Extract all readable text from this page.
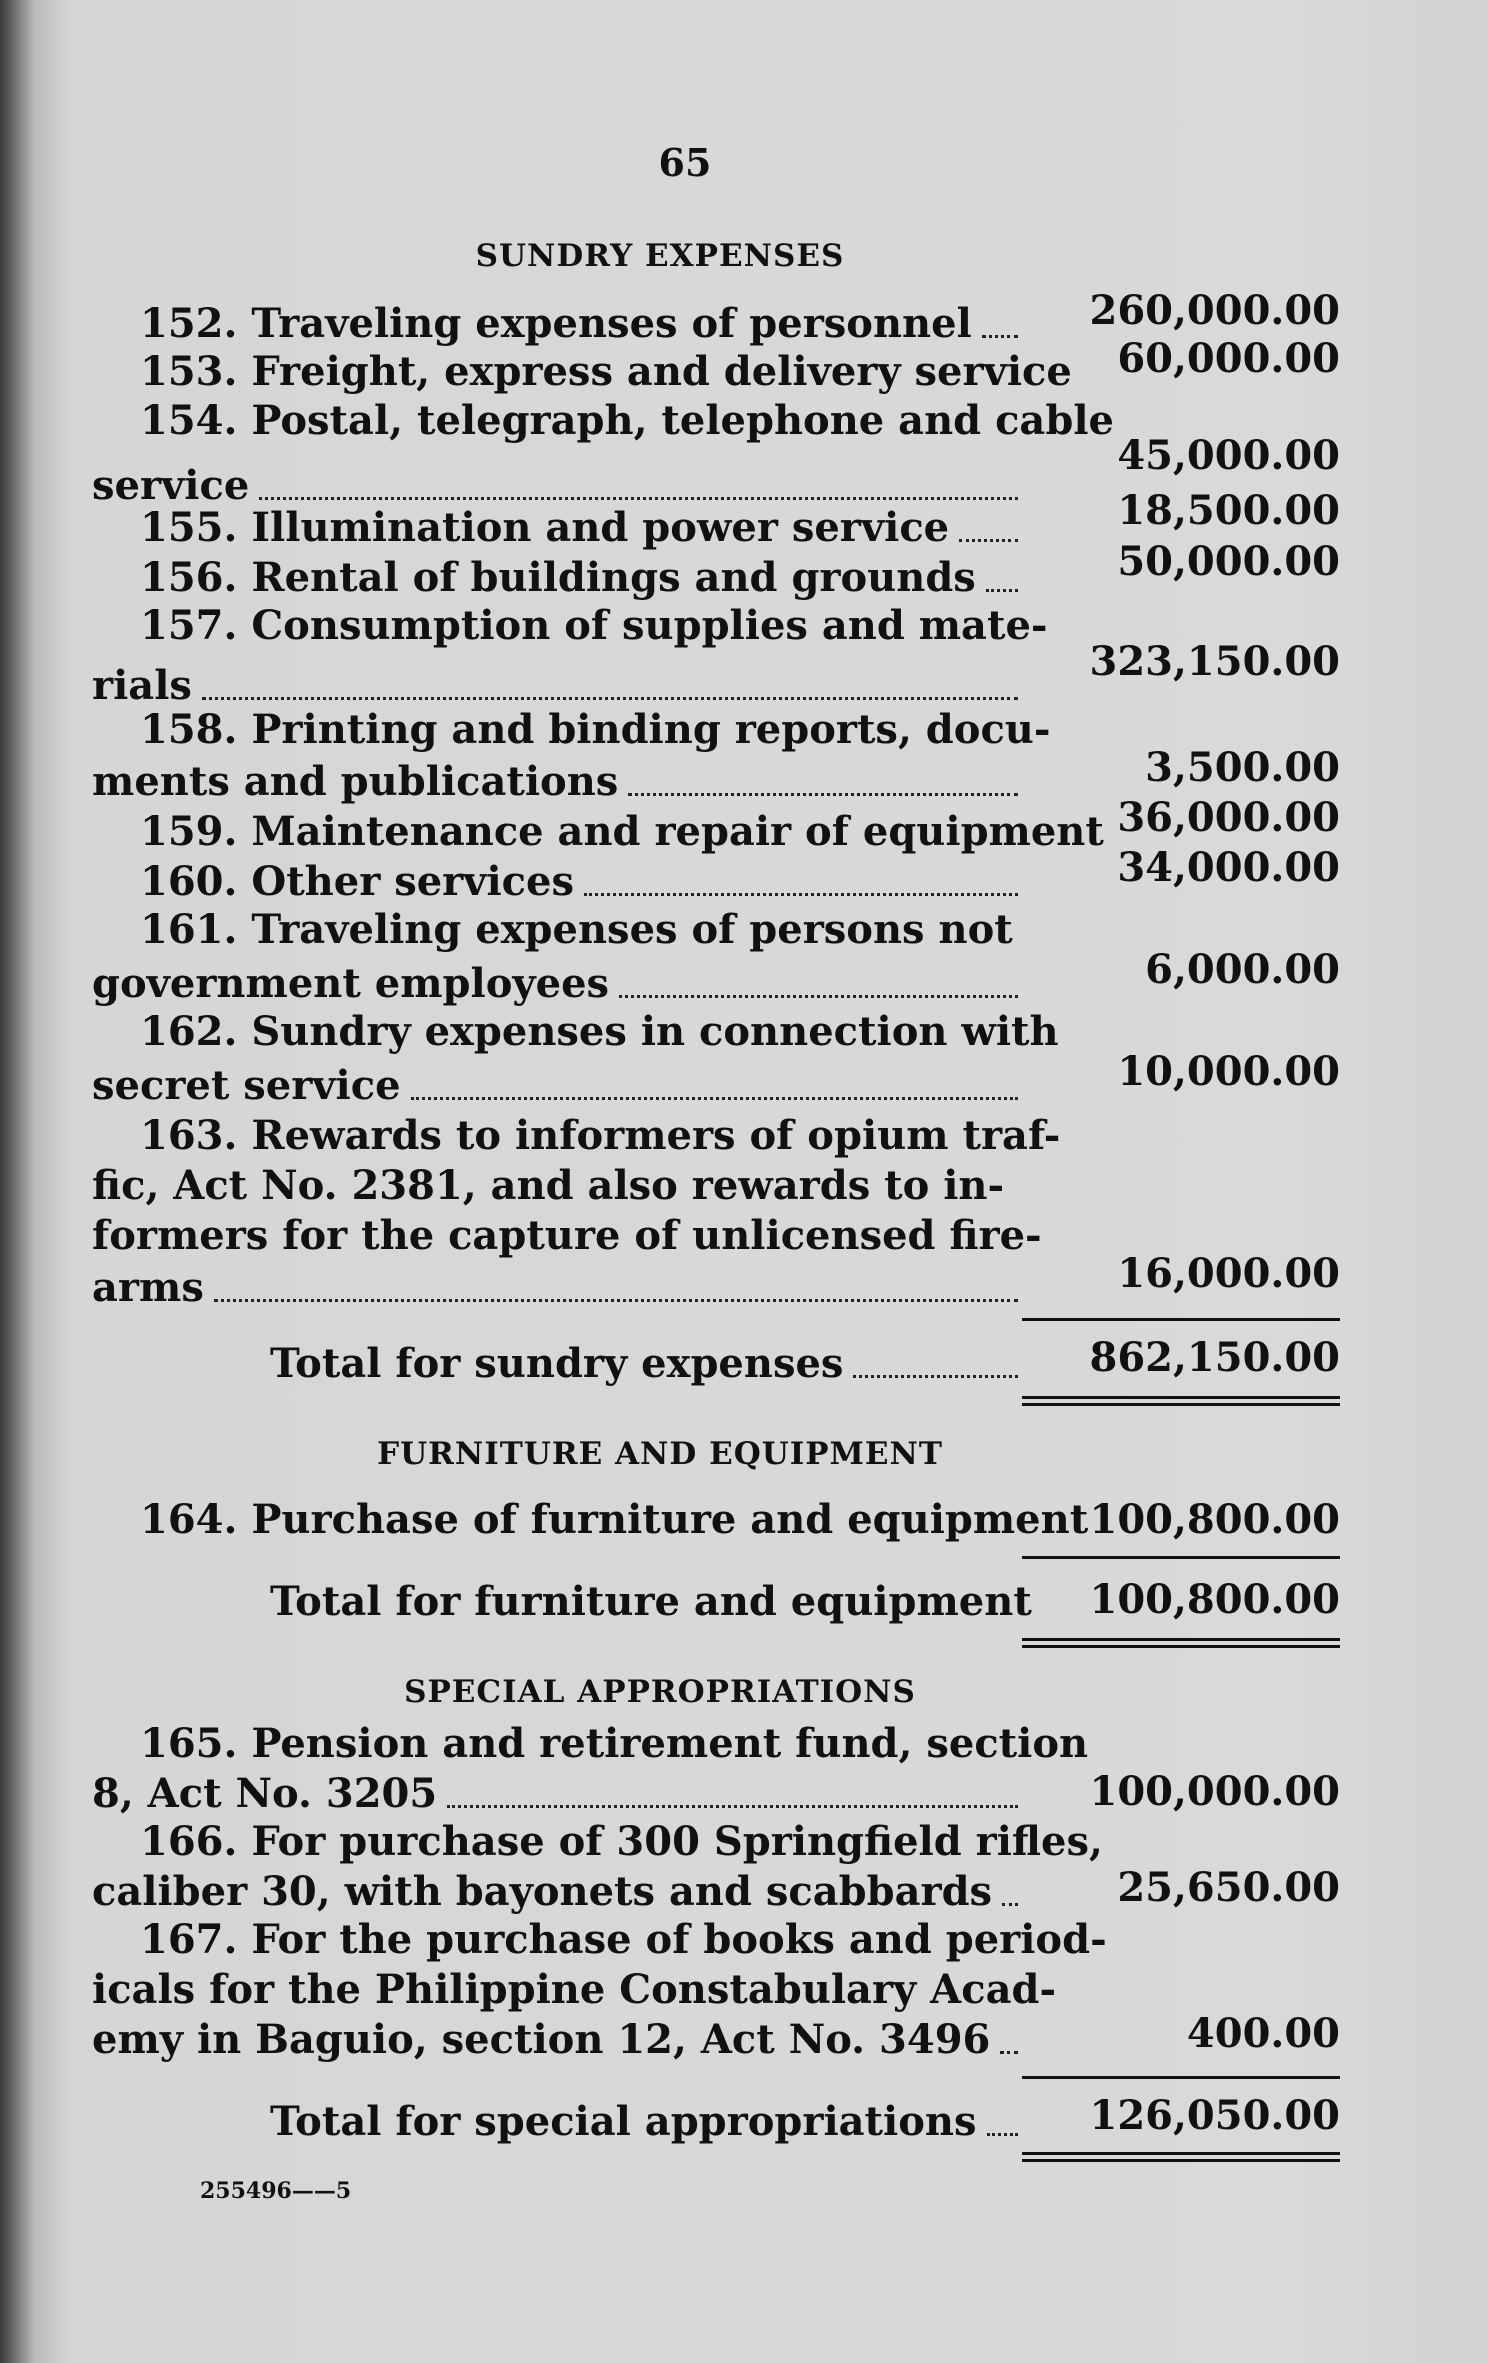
65
SUNDRY EXPENSES
152. Traveling expenses of personnel	260,000.00
153. Freight, express and delivery service	60,000.00
154. Postal, telegraph, telephone and cable
service
45,000.00
155. Illumination and power service	18,500.00
156. Rental of buildings and grounds	50,000.00
157. Consumption of supplies and mate-
rials
323,150.00
158. Printing and binding reports, docu-
ments and publications	3,500.00
159. Maintenance and repair of equipment 36,000.00
160. Other services	34,000.00
161. Traveling expenses of persons not
government employees	6,000.00
162. Sundry expenses in connection with
secret service	10,000.00
163. Rewards to informers of opium traf-
fic, Act No. 2381, and also rewards to in-
formers for the capture of unlicensed fire-
arms	16,000.00
Total for sundry expenses	862,150.00
FURNITURE AND EQUIPMENT
164. Purchase of furniture and equipment 100,800.00
Total for furniture and equipment	100,800.00
SPECIAL APPROPRIATIONS
165. Pension and retirement fund, section
8, Act No. 3205	100,000.00
166. For purchase of 300 Springfield rifles,
caliber 30, with bayonets and scabbards	25,650.00
167. For the purchase of books and period-
icals for the Philippine Constabulary Acad-
emy in Baguio, section 12, Act No. 3496	400.00
Total for special appropriations	126,050.00
255496——5
